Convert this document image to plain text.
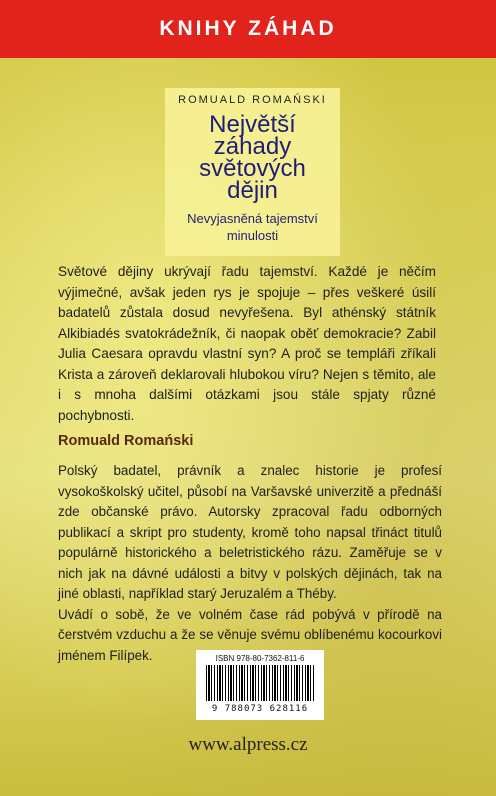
KNIHY ZÁHAD
ROMUALD ROMAŃSKI
Největší
záhady
světových
dějin
Nevyjasněná tajemství
minulosti
Světové dějiny ukrývají řadu tajemství. Každé je něčím výjimečné, avšak jeden rys je spojuje – přes veškeré úsilí badatelů zůstala dosud nevyřešena. Byl athénský státník Alkibiadés svatokrádežník, či naopak oběť demokracie? Zabil Julia Caesara opravdu vlastní syn? A proč se templáři zříkali Krista a zároveň deklarovali hlubokou víru? Nejen s těmito, ale i s mnoha dalšími otázkami jsou stále spjaty různé pochybnosti.
Romuald Romański

Polský badatel, právník a znalec historie je profesí vysokoškolský učitel, působí na Varšavské univerzitě a přednáší zde občanské právo. Autorsky zpracoval řadu odborných publikací a skript pro studenty, kromě toho napsal třináct titulů populárně historického a beletristického rázu. Zaměřuje se v nich jak na dávné události a bitvy v polských dějinách, tak na jiné oblasti, například starý Jeruzalém a Théby.

Uvádí o sobě, že ve volném čase rád pobývá v přírodě na čerstvém vzduchu a že se věnuje svému oblíbenému kocourkovi jménem Filípek.	ISBN 978-80-7362-811-6
9 788073 628116
www.alpress.cz
